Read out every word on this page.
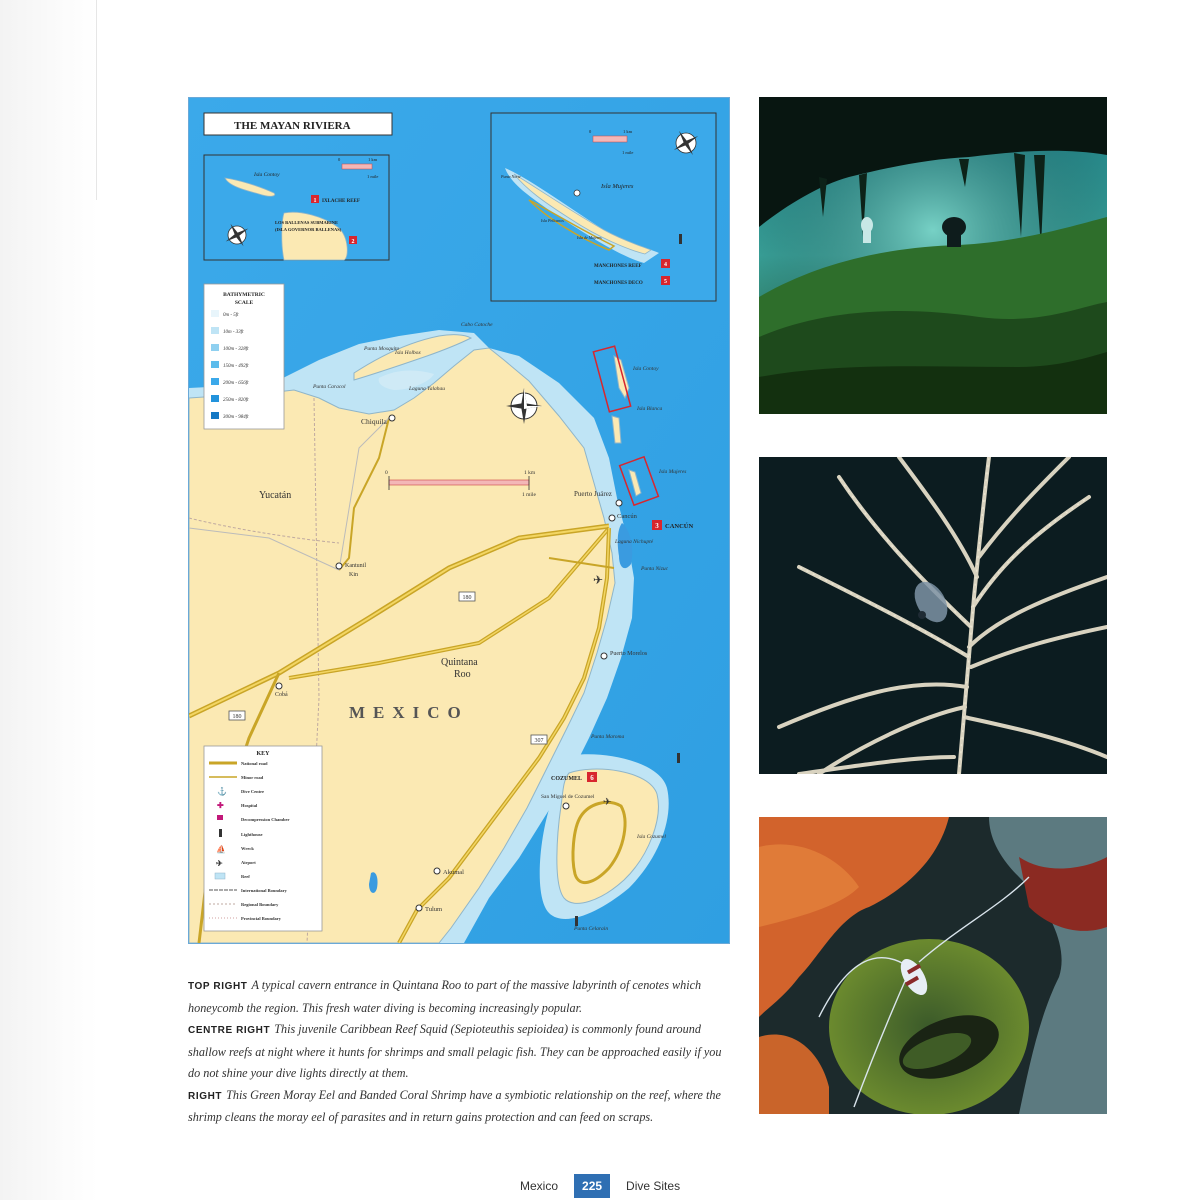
180
307
180
Chiquila
Kantunil
Kin
Cobá
Puerto Juárez
Cancún
Puerto Morelos
Akumal
Tulum
San Miguel de Cozumel
Isla Holbox
Isla Contoy
Isla Blanca
Isla Mujeres
Laguna Yalahau
Cabo Catoche
Punta Mosquito
Punta Caracol
Punta Nizuc
Punta Maroma
Laguna Nichupté
Isla Cozumel
Punta Celarain
Yucatán
Quintana
Roo
MEXICO
0	1 km
1 mile
✈
✈
3 CANCÚN
6
COZUMEL
THE MAYAN RIVIERA
Isla Contoy
1 IXLACHE REEF
LOS BALLENAS SUBMARINE
(ISLA GOVERNOR BALLENAS)
2
0	1 km
1 mile
Isla Mujeres
Punta Norte
Isla Pelicanos
Isla de Mujeres
MANCHONES REEF	4
MANCHONES DECO	5
0	1 km
1 mile
BATHYMETRIC
SCALE
0m - 5ft
10m - 33ft
100m - 328ft
150m - 492ft
200m - 656ft
250m - 820ft
300m - 984ft
KEY
National road
Minor road
⚓	Dive Centre
✚	Hospital
Decompression Chamber
Lighthouse
⛵	Wreck
✈	Airport
Reef
International Boundary
Regional Boundary
Provincial Boundary

TOP RIGHT A typical cavern entrance in Quintana Roo to part of the massive labyrinth of cenotes which honeycomb the region. This fresh water diving is becoming increasingly popular.

CENTRE RIGHT This juvenile Caribbean Reef Squid (Sepioteuthis sepioidea) is commonly found around shallow reefs at night where it hunts for shrimps and small pelagic fish. They can be approached easily if you do not shine your dive lights directly at them.

RIGHT This Green Moray Eel and Banded Coral Shrimp have a symbiotic relationship on the reef, where the shrimp cleans the moray eel of parasites and in return gains protection and can feed on scraps.

Mexico	225	Dive Sites
